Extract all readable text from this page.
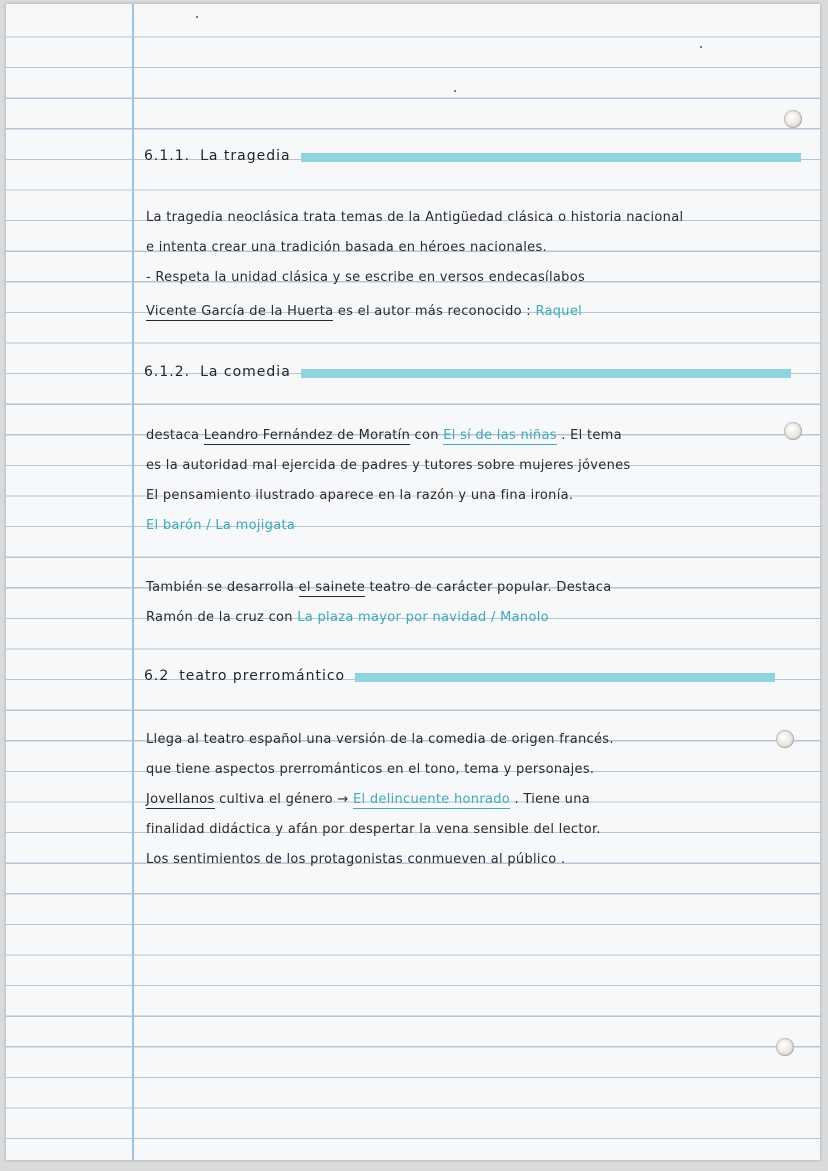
6.1.1. La tragedia
La tragedia neoclásica trata temas de la Antigüedad clásica o historia nacional
e intenta crear una tradición basada en héroes nacionales.
- Respeta la unidad clásica y se escribe en versos endecasílabos
Vicente García de la Huerta es el autor más reconocido : Raquel
6.1.2. La comedia
destaca Leandro Fernández de Moratín con El sí de las niñas . El tema
es la autoridad mal ejercida de padres y tutores sobre mujeres jóvenes
El pensamiento ilustrado aparece en la razón y una fina ironía.
El barón / La mojigata
También se desarrolla el sainete teatro de carácter popular. Destaca
Ramón de la cruz con La plaza mayor por navidad / Manolo
6.2 teatro prerromántico
Llega al teatro español una versión de la comedia de origen francés.
que tiene aspectos prerrománticos en el tono, tema y personajes.
Jovellanos cultiva el género → El delincuente honrado . Tiene una
finalidad didáctica y afán por despertar la vena sensible del lector.
Los sentimientos de los protagonistas conmueven al público .
